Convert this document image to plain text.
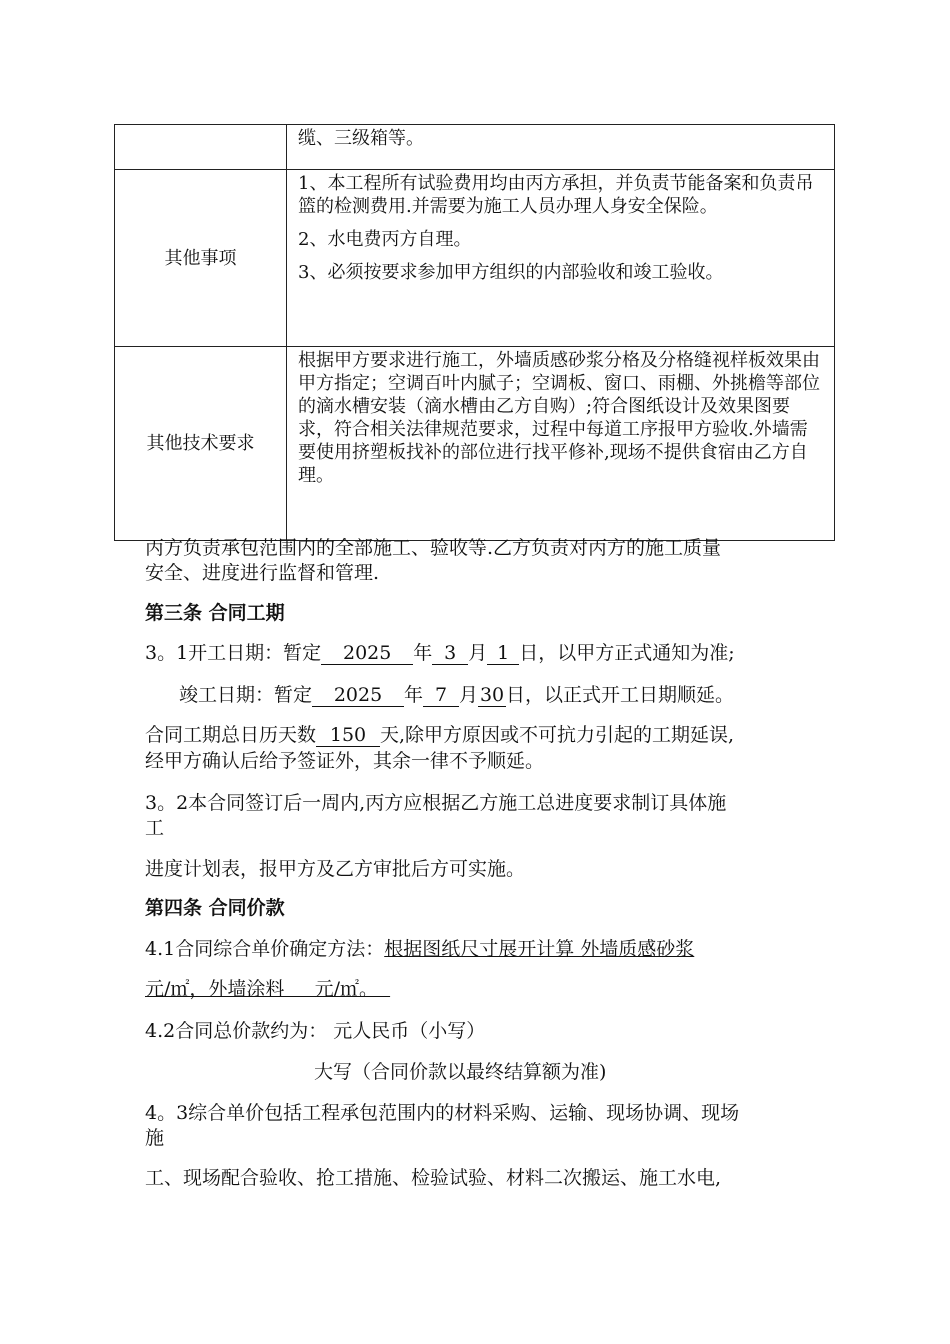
	缆、三级箱等。

其他事项	1、本工程所有试验费用均由丙方承担，并负责节能备案和负责吊篮的检测费用.并需要为施工人员办理人身安全保险。

2、水电费丙方自理。

3、必须按要求参加甲方组织的内部验收和竣工验收。

其他技术要求	根据甲方要求进行施工，外墙质感砂浆分格及分格缝视样板效果由甲方指定；空调百叶内腻子；空调板、窗口、雨棚、外挑檐等部位的滴水槽安装（滴水槽由乙方自购）;符合图纸设计及效果图要求，符合相关法律规范要求，过程中每道工序报甲方验收.外墙需要使用挤塑板找补的部位进行找平修补,现场不提供食宿由乙方自理。

丙方负责承包范围内的全部施工、验收等.乙方负责对丙方的施工质量
安全、进度进行监督和管理.
第三条 合同工期
3。1开工日期：暂定 2025 年 3 月 1 日，以甲方正式通知为准;
竣工日期：暂定 2025 年 7 月 30 日，以正式开工日期顺延。
合同工期总日历天数 150 天,除甲方原因或不可抗力引起的工期延误,
经甲方确认后给予签证外，其余一律不予顺延。
3。2本合同签订后一周内,丙方应根据乙方施工总进度要求制订具体施
工
进度计划表，报甲方及乙方审批后方可实施。
第四条 合同价款
4.1合同综合单价确定方法：根据图纸尺寸展开计算 外墙质感砂浆
元/㎡，外墙涂料     元/㎡。
4.2合同总价款约为： 元人民币（小写）
大写（合同价款以最终结算额为准)
4。3综合单价包括工程承包范围内的材料采购、运输、现场协调、现场
施
工、现场配合验收、抢工措施、检验试验、材料二次搬运、施工水电,
